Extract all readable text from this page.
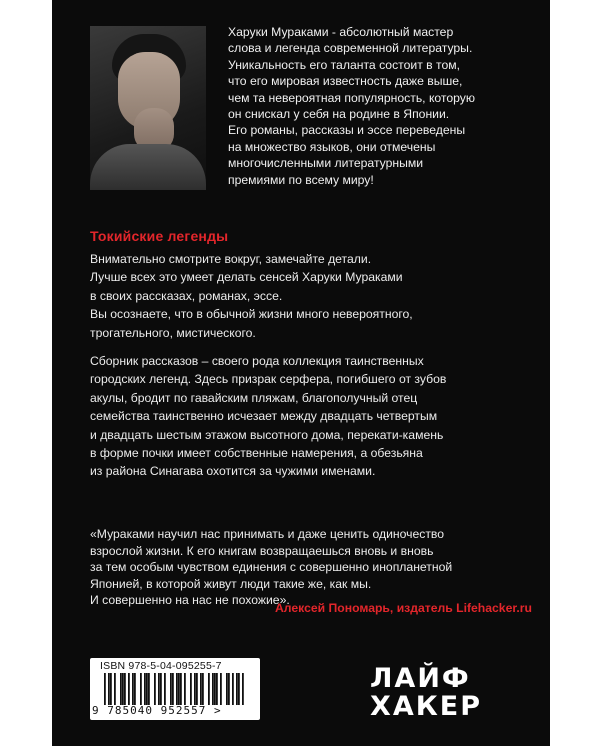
Харуки Мураками - абсолютный мастер
слова и легенда современной литературы.
Уникальность его таланта состоит в том,
что его мировая известность даже выше,
чем та невероятная популярность, которую
он снискал у себя на родине в Японии.
Его романы, рассказы и эссе переведены
на множество языков, они отмечены
многочисленными литературными
премиями по всему миру!
Токийские легенды
Внимательно смотрите вокруг, замечайте детали.
Лучше всех это умеет делать сенсей Харуки Мураками
в своих рассказах, романах, эссе.
Вы осознаете, что в обычной жизни много невероятного,
трогательного, мистического.
Сборник рассказов – своего рода коллекция таинственных
городских легенд. Здесь призрак серфера, погибшего от зубов
акулы, бродит по гавайским пляжам, благополучный отец
семейства таинственно исчезает между двадцать четвертым
и двадцать шестым этажом высотного дома, перекати-камень
в форме почки имеет собственные намерения, а обезьяна
из района Синагава охотится за чужими именами.
«Мураками научил нас принимать и даже ценить одиночество
взрослой жизни. К его книгам возвращаешься вновь и вновь
за тем особым чувством единения с совершенно инопланетной
Японией, в которой живут люди такие же, как мы.
И совершенно на нас не похожие».
Алексей Пономарь, издатель Lifehacker.ru
ISBN 978-5-04-095255-7
9 785040 952557 >
ЛАЙФ
ХАКЕР
